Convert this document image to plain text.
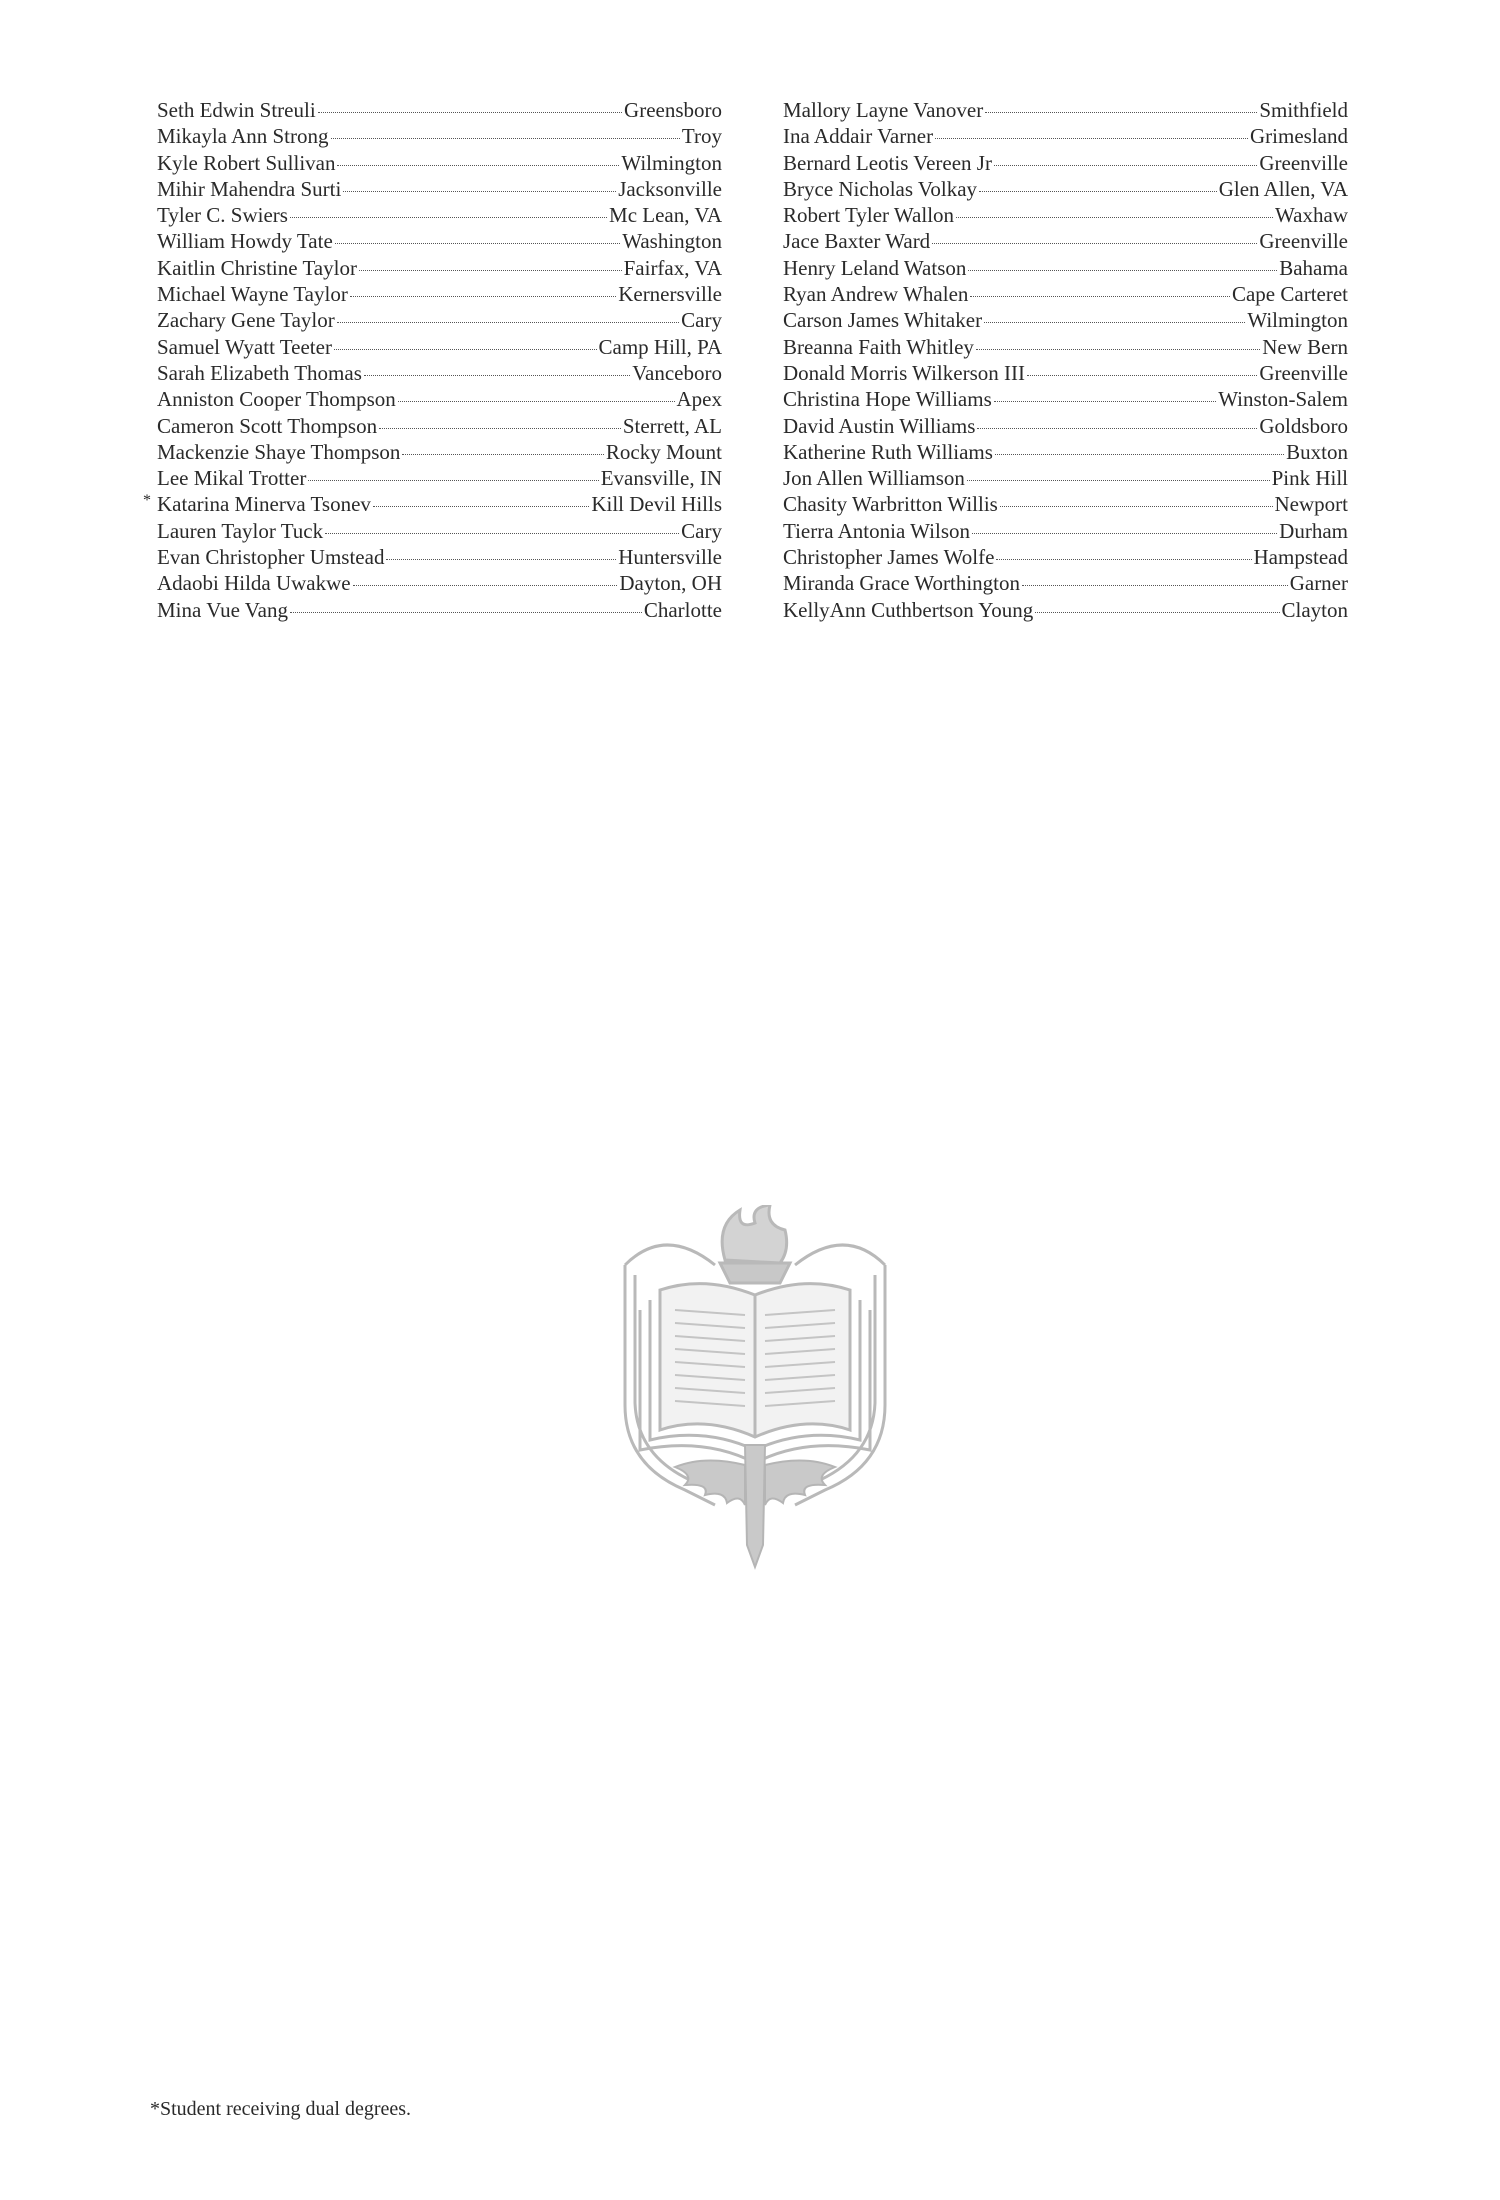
Seth Edwin Streuli	Greensboro
Mikayla Ann Strong	Troy
Kyle Robert Sullivan	Wilmington
Mihir Mahendra Surti	Jacksonville
Tyler C. Swiers	Mc Lean, VA
William Howdy Tate	Washington
Kaitlin Christine Taylor	Fairfax, VA
Michael Wayne Taylor	Kernersville
Zachary Gene Taylor	Cary
Samuel Wyatt Teeter	Camp Hill, PA
Sarah Elizabeth Thomas	Vanceboro
Anniston Cooper Thompson	Apex
Cameron Scott Thompson	Sterrett, AL
Mackenzie Shaye Thompson	Rocky Mount
Lee Mikal Trotter	Evansville, IN
* Katarina Minerva Tsonev	Kill Devil Hills
Lauren Taylor Tuck	Cary
Evan Christopher Umstead	Huntersville
Adaobi Hilda Uwakwe	Dayton, OH
Mina Vue Vang	Charlotte
Mallory Layne Vanover	Smithfield
Ina Addair Varner	Grimesland
Bernard Leotis Vereen Jr	Greenville
Bryce Nicholas Volkay	Glen Allen, VA
Robert Tyler Wallon	Waxhaw
Jace Baxter Ward	Greenville
Henry Leland Watson	Bahama
Ryan Andrew Whalen	Cape Carteret
Carson James Whitaker	Wilmington
Breanna Faith Whitley	New Bern
Donald Morris Wilkerson III	Greenville
Christina Hope Williams	Winston-Salem
David Austin Williams	Goldsboro
Katherine Ruth Williams	Buxton
Jon Allen Williamson	Pink Hill
Chasity Warbritton Willis	Newport
Tierra Antonia Wilson	Durham
Christopher James Wolfe	Hampstead
Miranda Grace Worthington	Garner
KellyAnn Cuthbertson Young	Clayton
*Student receiving dual degrees.
